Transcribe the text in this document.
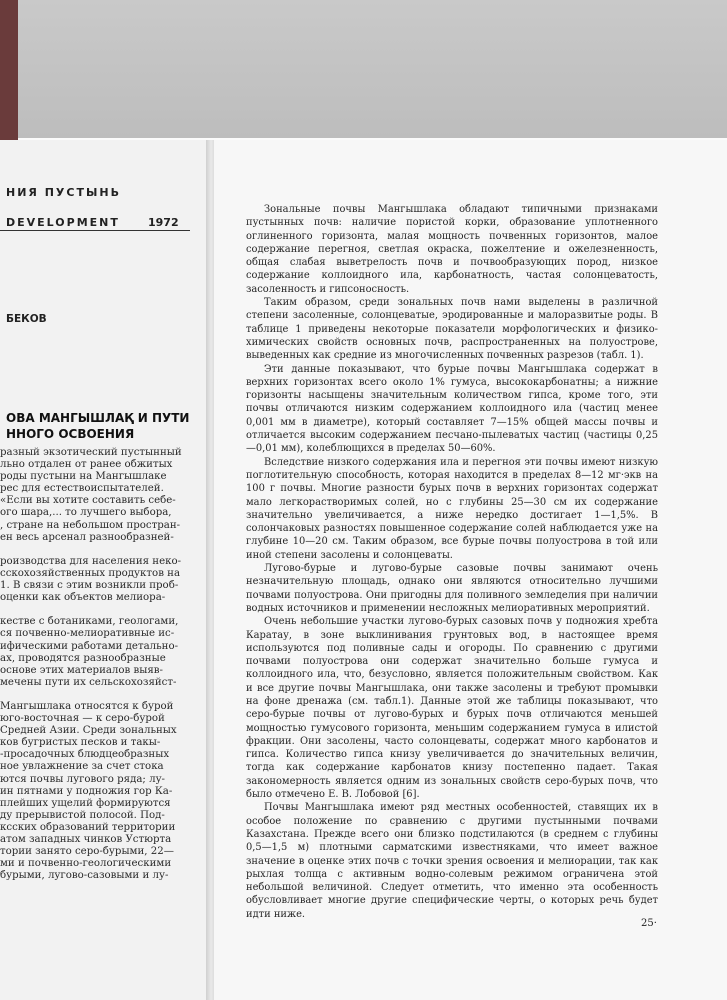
НИЯ ПУСТЫНЬ
DEVELOPMENT	1972
БЕКОВ
ОВА МАНГЫШЛАҚ И ПУТИ
ННОГО ОСВОЕНИЯ
разный экзотический пустынный
льно отдален от ранее обжитых
роды пустыни на Мангышлаке
рес для естествоиспытателей.
«Если вы хотите составить себе-
ого шара,... то лучшего выбора,
, стране на небольшом простран-
ен весь арсенал разнообразней-
роизводства для населения неко-
сскохозяйственных продуктов на
1. В связи с этим возникли проб-
оценки как объектов мелиора-
кестве с ботаниками, геологами,
ся почвенно-мелиоративные ис-
ифическими работами детально-
ах, проводятся разнообразные
основе этих материалов выяв-
мечены пути их сельскохозяйст-
Мангышлака относятся к бурой
юго-восточная — к серо-бурой
Средней Азии. Среди зональных
ков бугристых песков и такы-
-просадочных блюдцеобразных
ное увлажнение за счет стока
ются почвы лугового ряда; лу-
ин пятнами у подножия гор Ка-
плейших ущелий формируются
ду прерывистой полосой. Под-
ксских образований территории
атом западных чинков Устюрта
тории занято серо-бурыми, 22—
ми и почвенно-геологическими
бурыми, лугово-сазовыми и лу-

Зональные почвы Мангышлака обладают типичными признаками пустынных почв: наличие пористой корки, образование уплотненного оглиненного горизонта, малая мощность почвенных горизонтов, малое содержание перегноя, светлая окраска, пожелтение и ожелезненность, общая слабая выветрелость почв и почвообразующих пород, низкое содержание коллоидного ила, карбонатность, частая солонцеватость, засоленность и гипсоносность.

Таким образом, среди зональных почв нами выделены в различной степени засоленные, солонцеватые, эродированные и малоразвитые роды. В таблице 1 приведены некоторые показатели морфологических и физико-химических свойств основных почв, распространенных на полуострове, выведенных как средние из многочисленных почвенных разрезов (табл. 1).

Эти данные показывают, что бурые почвы Мангышлака содержат в верхних горизонтах всего около 1% гумуса, высококарбонатны; а нижние горизонты насыщены значительным количеством гипса, кроме того, эти почвы отличаются низким содержанием коллоидного ила (частиц менее 0,001 мм в диаметре), который составляет 7—15% общей массы почвы и отличается высоким содержанием песчано-пылеватых частиц (частицы 0,25—0,01 мм), колеблющихся в пределах 50—60%.

Вследствие низкого содержания ила и перегноя эти почвы имеют низкую поглотительную способность, которая находится в пределах 8—12 мг·экв на 100 г почвы. Многие разности бурых почв в верхних горизонтах содержат мало легкорастворимых солей, но с глубины 25—30 см их содержание значительно увеличивается, а ниже нередко достигает 1—1,5%. В солончаковых разностях повышенное содержание солей наблюдается уже на глубине 10—20 см. Таким образом, все бурые почвы полуострова в той или иной степени засолены и солонцеваты.

Лугово-бурые и лугово-бурые сазовые почвы занимают очень незначительную площадь, однако они являются относительно лучшими почвами полуострова. Они пригодны для поливного земледелия при наличии водных источников и применении несложных мелиоративных мероприятий.

Очень небольшие участки лугово-бурых сазовых почв у подножия хребта Каратау, в зоне выклинивания грунтовых вод, в настоящее время используются под поливные сады и огороды. По сравнению с другими почвами полуострова они содержат значительно больше гумуса и коллоидного ила, что, безусловно, является положительным свойством. Как и все другие почвы Мангышлака, они также засолены и требуют промывки на фоне дренажа (см. табл.1). Данные этой же таблицы показывают, что серо-бурые почвы от лугово-бурых и бурых почв отличаются меньшей мощностью гумусового горизонта, меньшим содержанием гумуса в илистой фракции. Они засолены, часто солонцеваты, содержат много карбонатов и гипса. Количество гипса книзу увеличивается до значительных величин, тогда как содержание карбонатов книзу постепенно падает. Такая закономерность является одним из зональных свойств серо-бурых почв, что было отмечено Е. В. Лобовой [6].

Почвы Мангышлака имеют ряд местных особенностей, ставящих их в особое положение по сравнению с другими пустынными почвами Казахстана. Прежде всего они близко подстилаются (в среднем с глубины 0,5—1,5 м) плотными сарматскими известняками, что имеет важное значение в оценке этих почв с точки зрения освоения и мелиорации, так как рыхлая толща с активным водно-солевым режимом ограничена этой небольшой величиной. Следует отметить, что именно эта особенность обусловливает многие другие специфические черты, о которых речь будет идти ниже.

25·
